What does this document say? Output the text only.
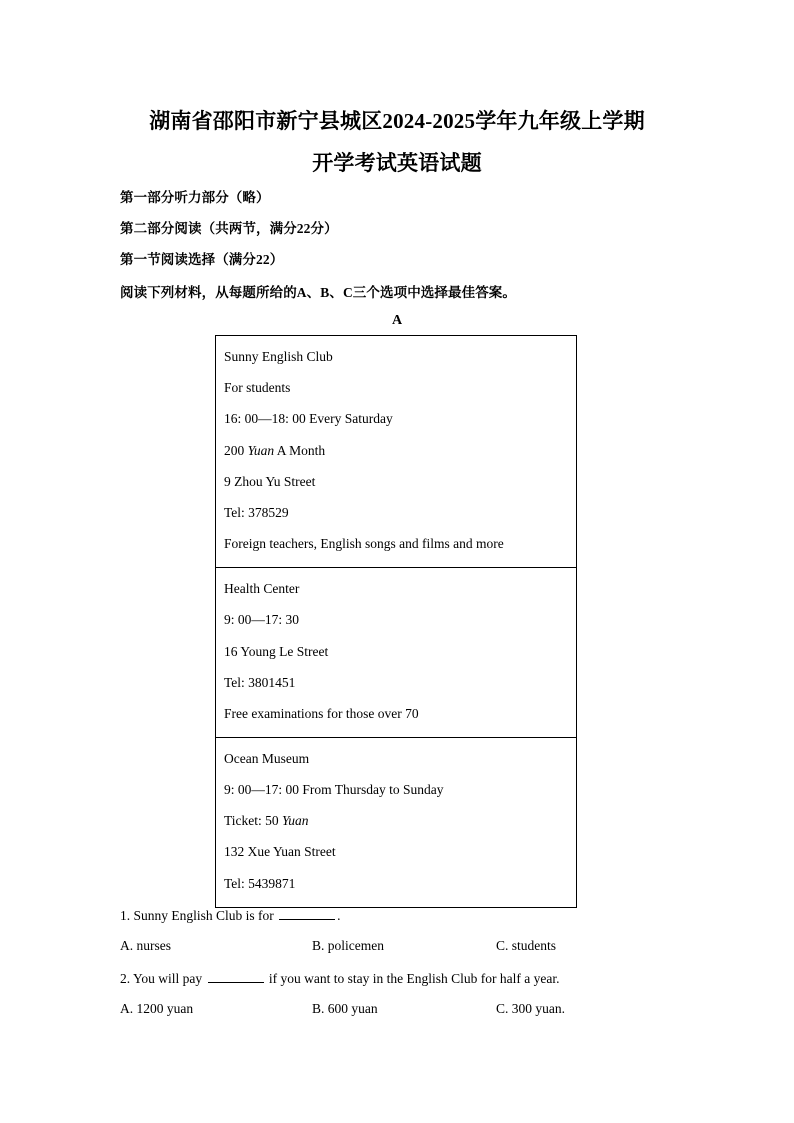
湖南省邵阳市新宁县城区2024-2025学年九年级上学期
开学考试英语试题
第一部分听力部分（略）
第二部分阅读（共两节，满分22分）
第一节阅读选择（满分22）
阅读下列材料，从每题所给的A、B、C三个选项中选择最佳答案。
A
Sunny English Club
For students
16: 00—18: 00 Every Saturday
200 Yuan A Month
9 Zhou Yu Street
Tel: 378529
Foreign teachers, English songs and films and more
Health Center
9: 00—17: 30
16 Young Le Street
Tel: 3801451
Free examinations for those over 70
Ocean Museum
9: 00—17: 00 From Thursday to Sunday
Ticket: 50 Yuan
132 Xue Yuan Street
Tel: 5439871
1. Sunny English Club is for	.
A. nurses	B. policemen	C. students
2. You will pay	if you want to stay in the English Club for half a year.
A. 1200 yuan	B. 600 yuan	C. 300 yuan.
